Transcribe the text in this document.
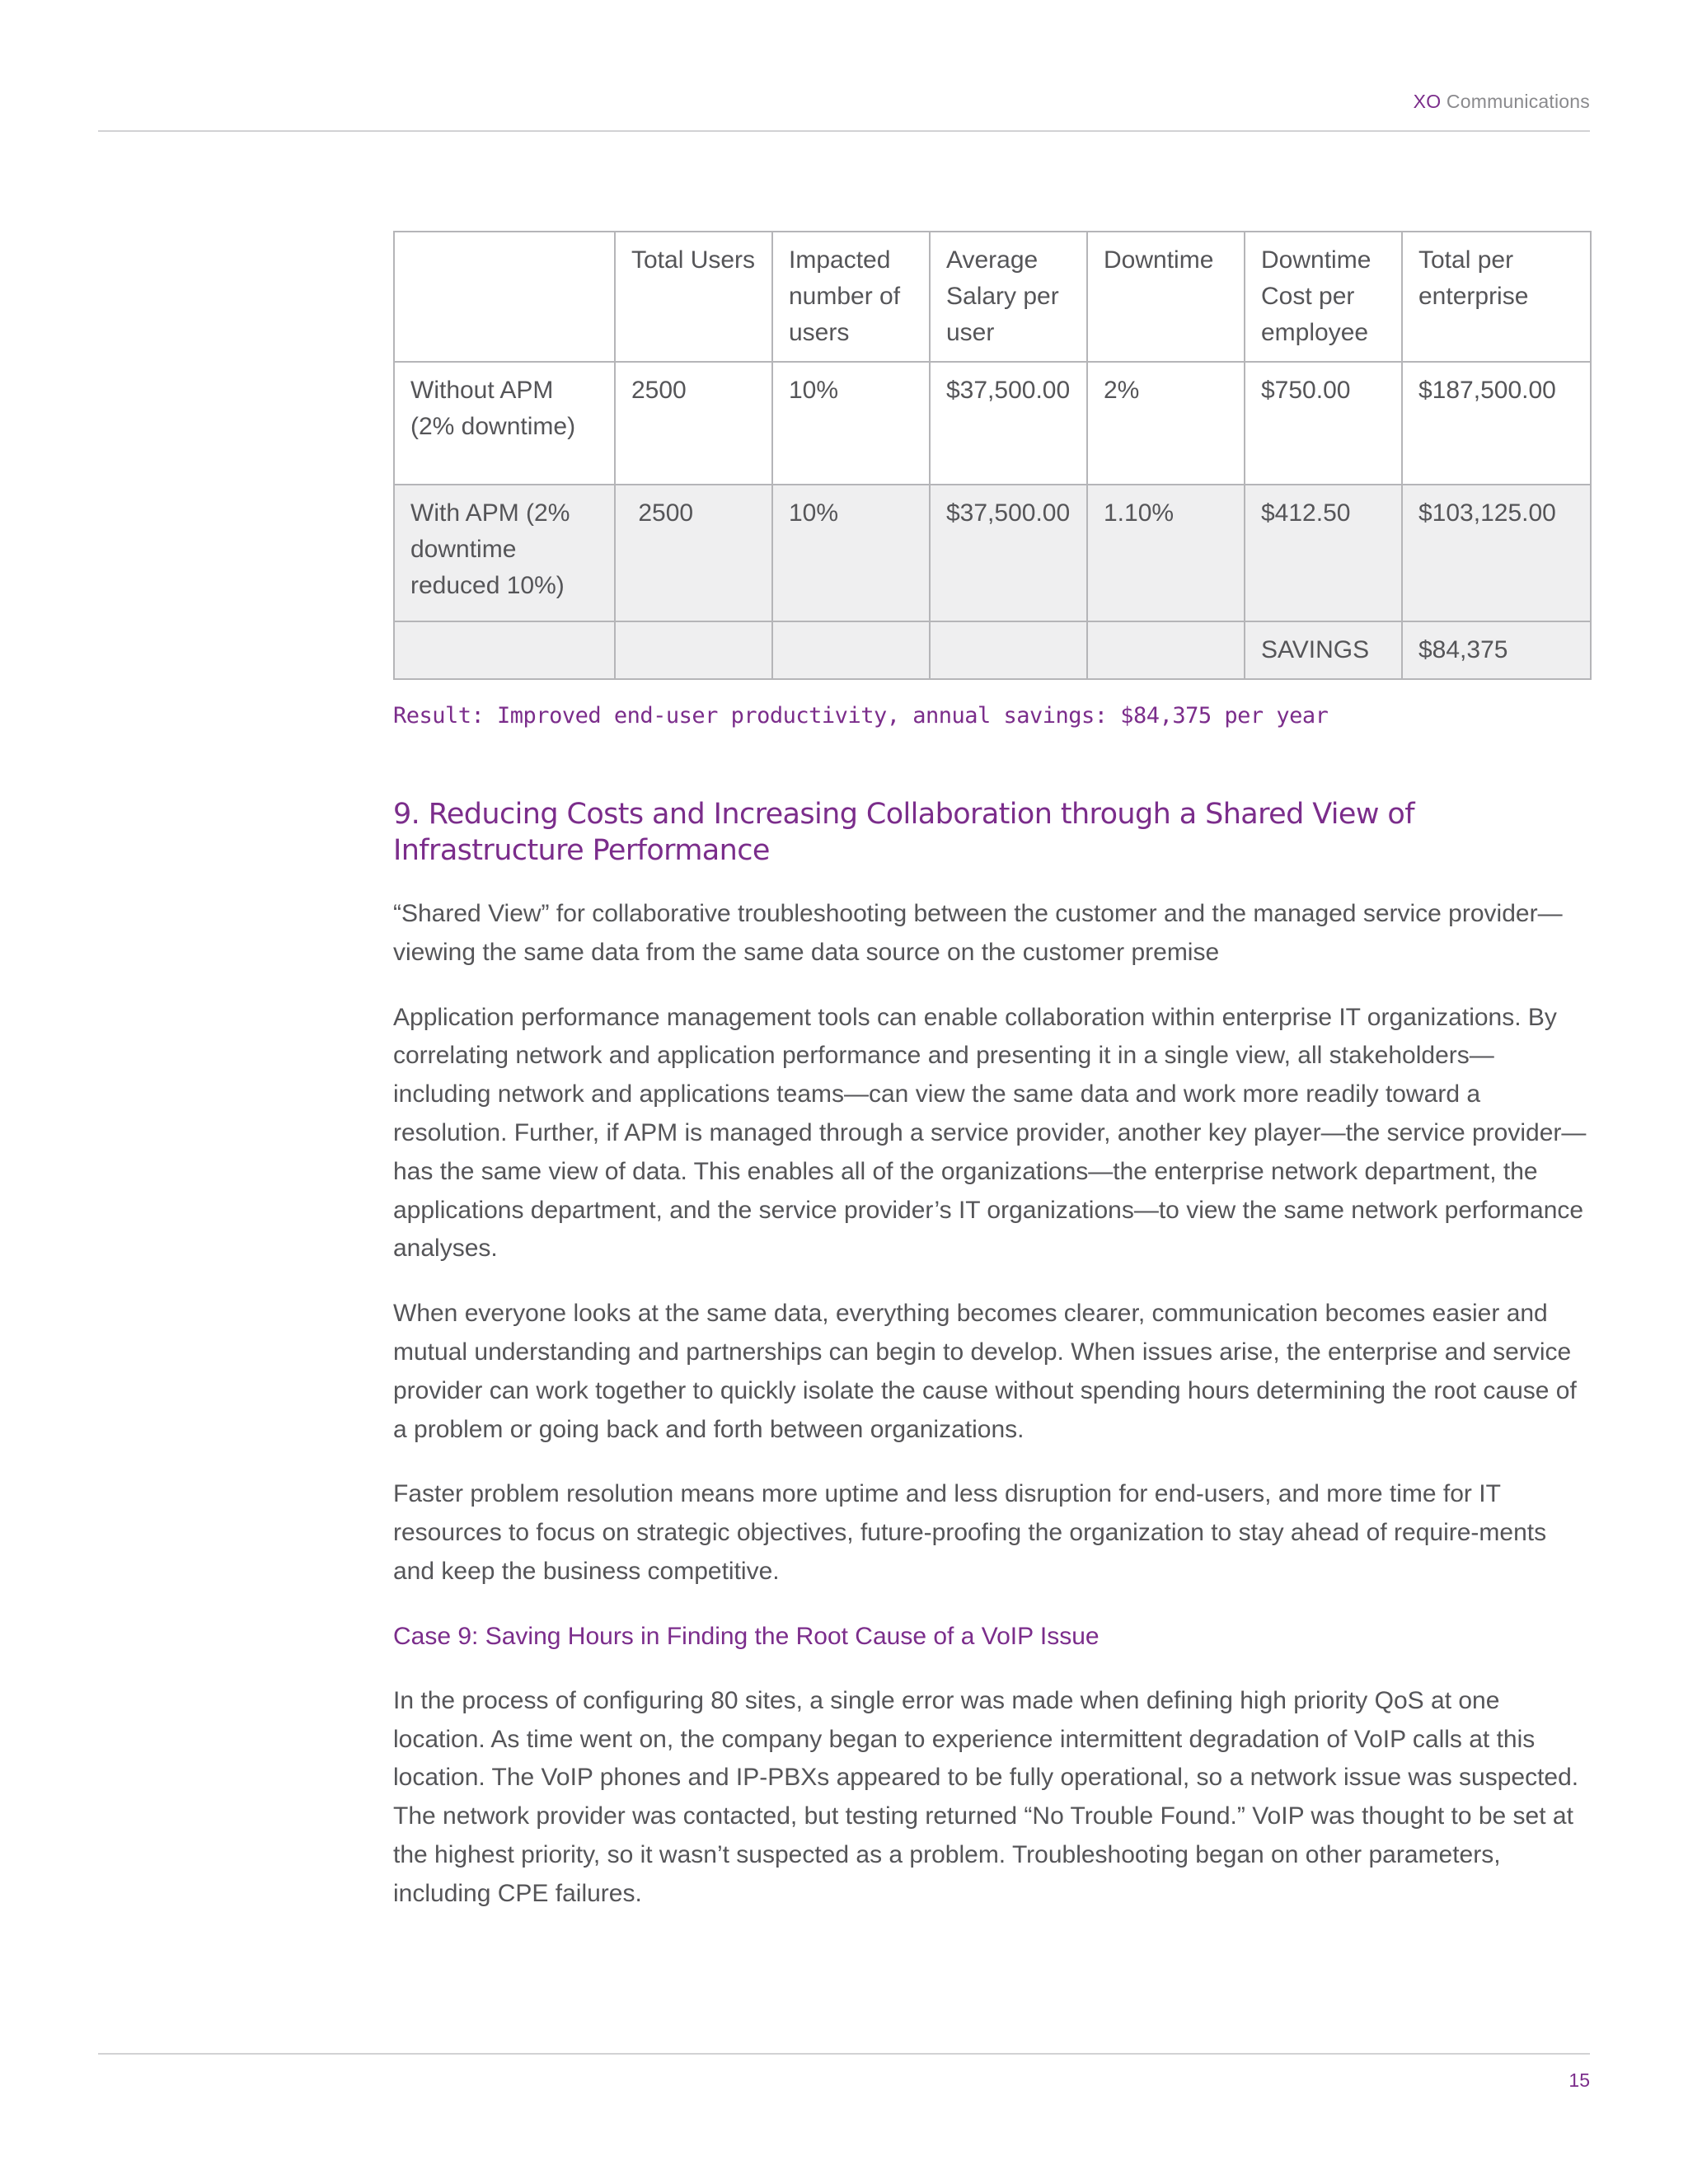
XO Communications
	Total Users	Impacted number of users	Average Salary per user	Downtime	Downtime Cost per employee	Total per enterprise
Without APM (2% downtime)	2500	10%	$37,500.00	2%	$750.00	$187,500.00
With APM (2% downtime reduced 10%)	2500	10%	$37,500.00	1.10%	$412.50	$103,125.00
					SAVINGS	$84,375
Result: Improved end-user productivity, annual savings: $84,375 per year
9. Reducing Costs and Increasing Collaboration through a Shared View of Infrastructure Performance

“Shared View” for collaborative troubleshooting between the customer and the managed service provider—viewing the same data from the same data source on the customer premise

Application performance management tools can enable collaboration within enterprise IT organizations. By correlating network and application performance and presenting it in a single view, all stakeholders—including network and applications teams—can view the same data and work more readily toward a resolution. Further, if APM is managed through a service provider, another key player—the service provider—has the same view of data. This enables all of the organizations—the enterprise network department, the applications department, and the service provider’s IT organizations—to view the same network performance analyses.

When everyone looks at the same data, everything becomes clearer, communication becomes easier and mutual understanding and partnerships can begin to develop. When issues arise, the enterprise and service provider can work together to quickly isolate the cause without spending hours determining the root cause of a problem or going back and forth between organizations.

Faster problem resolution means more uptime and less disruption for end-users, and more time for IT resources to focus on strategic objectives, future-proofing the organization to stay ahead of require-ments and keep the business competitive.

Case 9: Saving Hours in Finding the Root Cause of a VoIP Issue

In the process of configuring 80 sites, a single error was made when defining high priority QoS at one location. As time went on, the company began to experience intermittent degradation of VoIP calls at this location. The VoIP phones and IP-PBXs appeared to be fully operational, so a network issue was suspected. The network provider was contacted, but testing returned “No Trouble Found.” VoIP was thought to be set at the highest priority, so it wasn’t suspected as a problem. Troubleshooting began on other parameters, including CPE failures.

15
